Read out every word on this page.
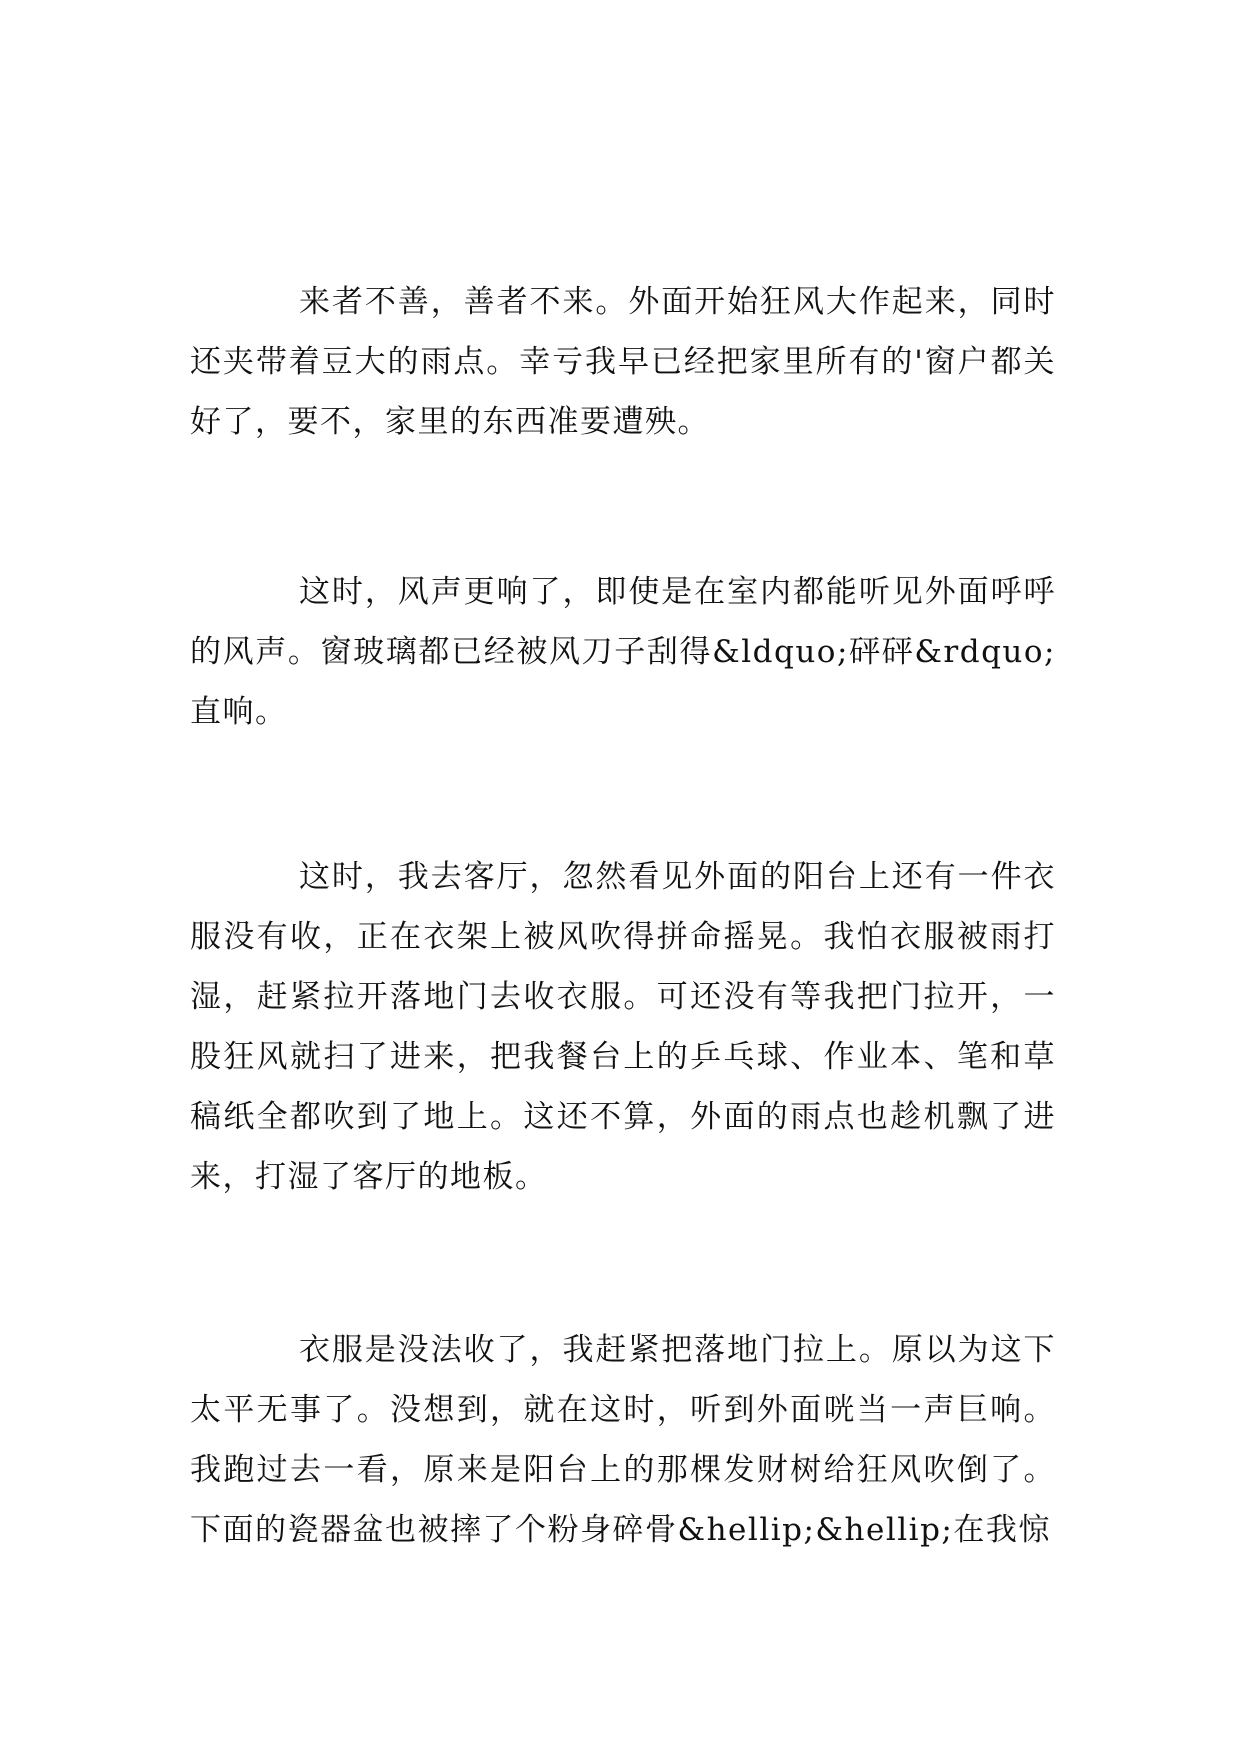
来者不善，善者不来。外面开始狂风大作起来，同时还夹带着豆大的雨点。幸亏我早已经把家里所有的'窗户都关好了，要不，家里的东西准要遭殃。

这时，风声更响了，即使是在室内都能听见外面呼呼的风声。窗玻璃都已经被风刀子刮得&ldquo;砰砰&rdquo;直响。

这时，我去客厅，忽然看见外面的阳台上还有一件衣服没有收，正在衣架上被风吹得拼命摇晃。我怕衣服被雨打湿，赶紧拉开落地门去收衣服。可还没有等我把门拉开，一股狂风就扫了进来，把我餐台上的乒乓球、作业本、笔和草稿纸全都吹到了地上。这还不算，外面的雨点也趁机飘了进来，打湿了客厅的地板。

衣服是没法收了，我赶紧把落地门拉上。原以为这下太平无事了。没想到，就在这时，听到外面咣当一声巨响。我跑过去一看，原来是阳台上的那棵发财树给狂风吹倒了。下面的瓷器盆也被摔了个粉身碎骨&hellip;&hellip;在我惊
